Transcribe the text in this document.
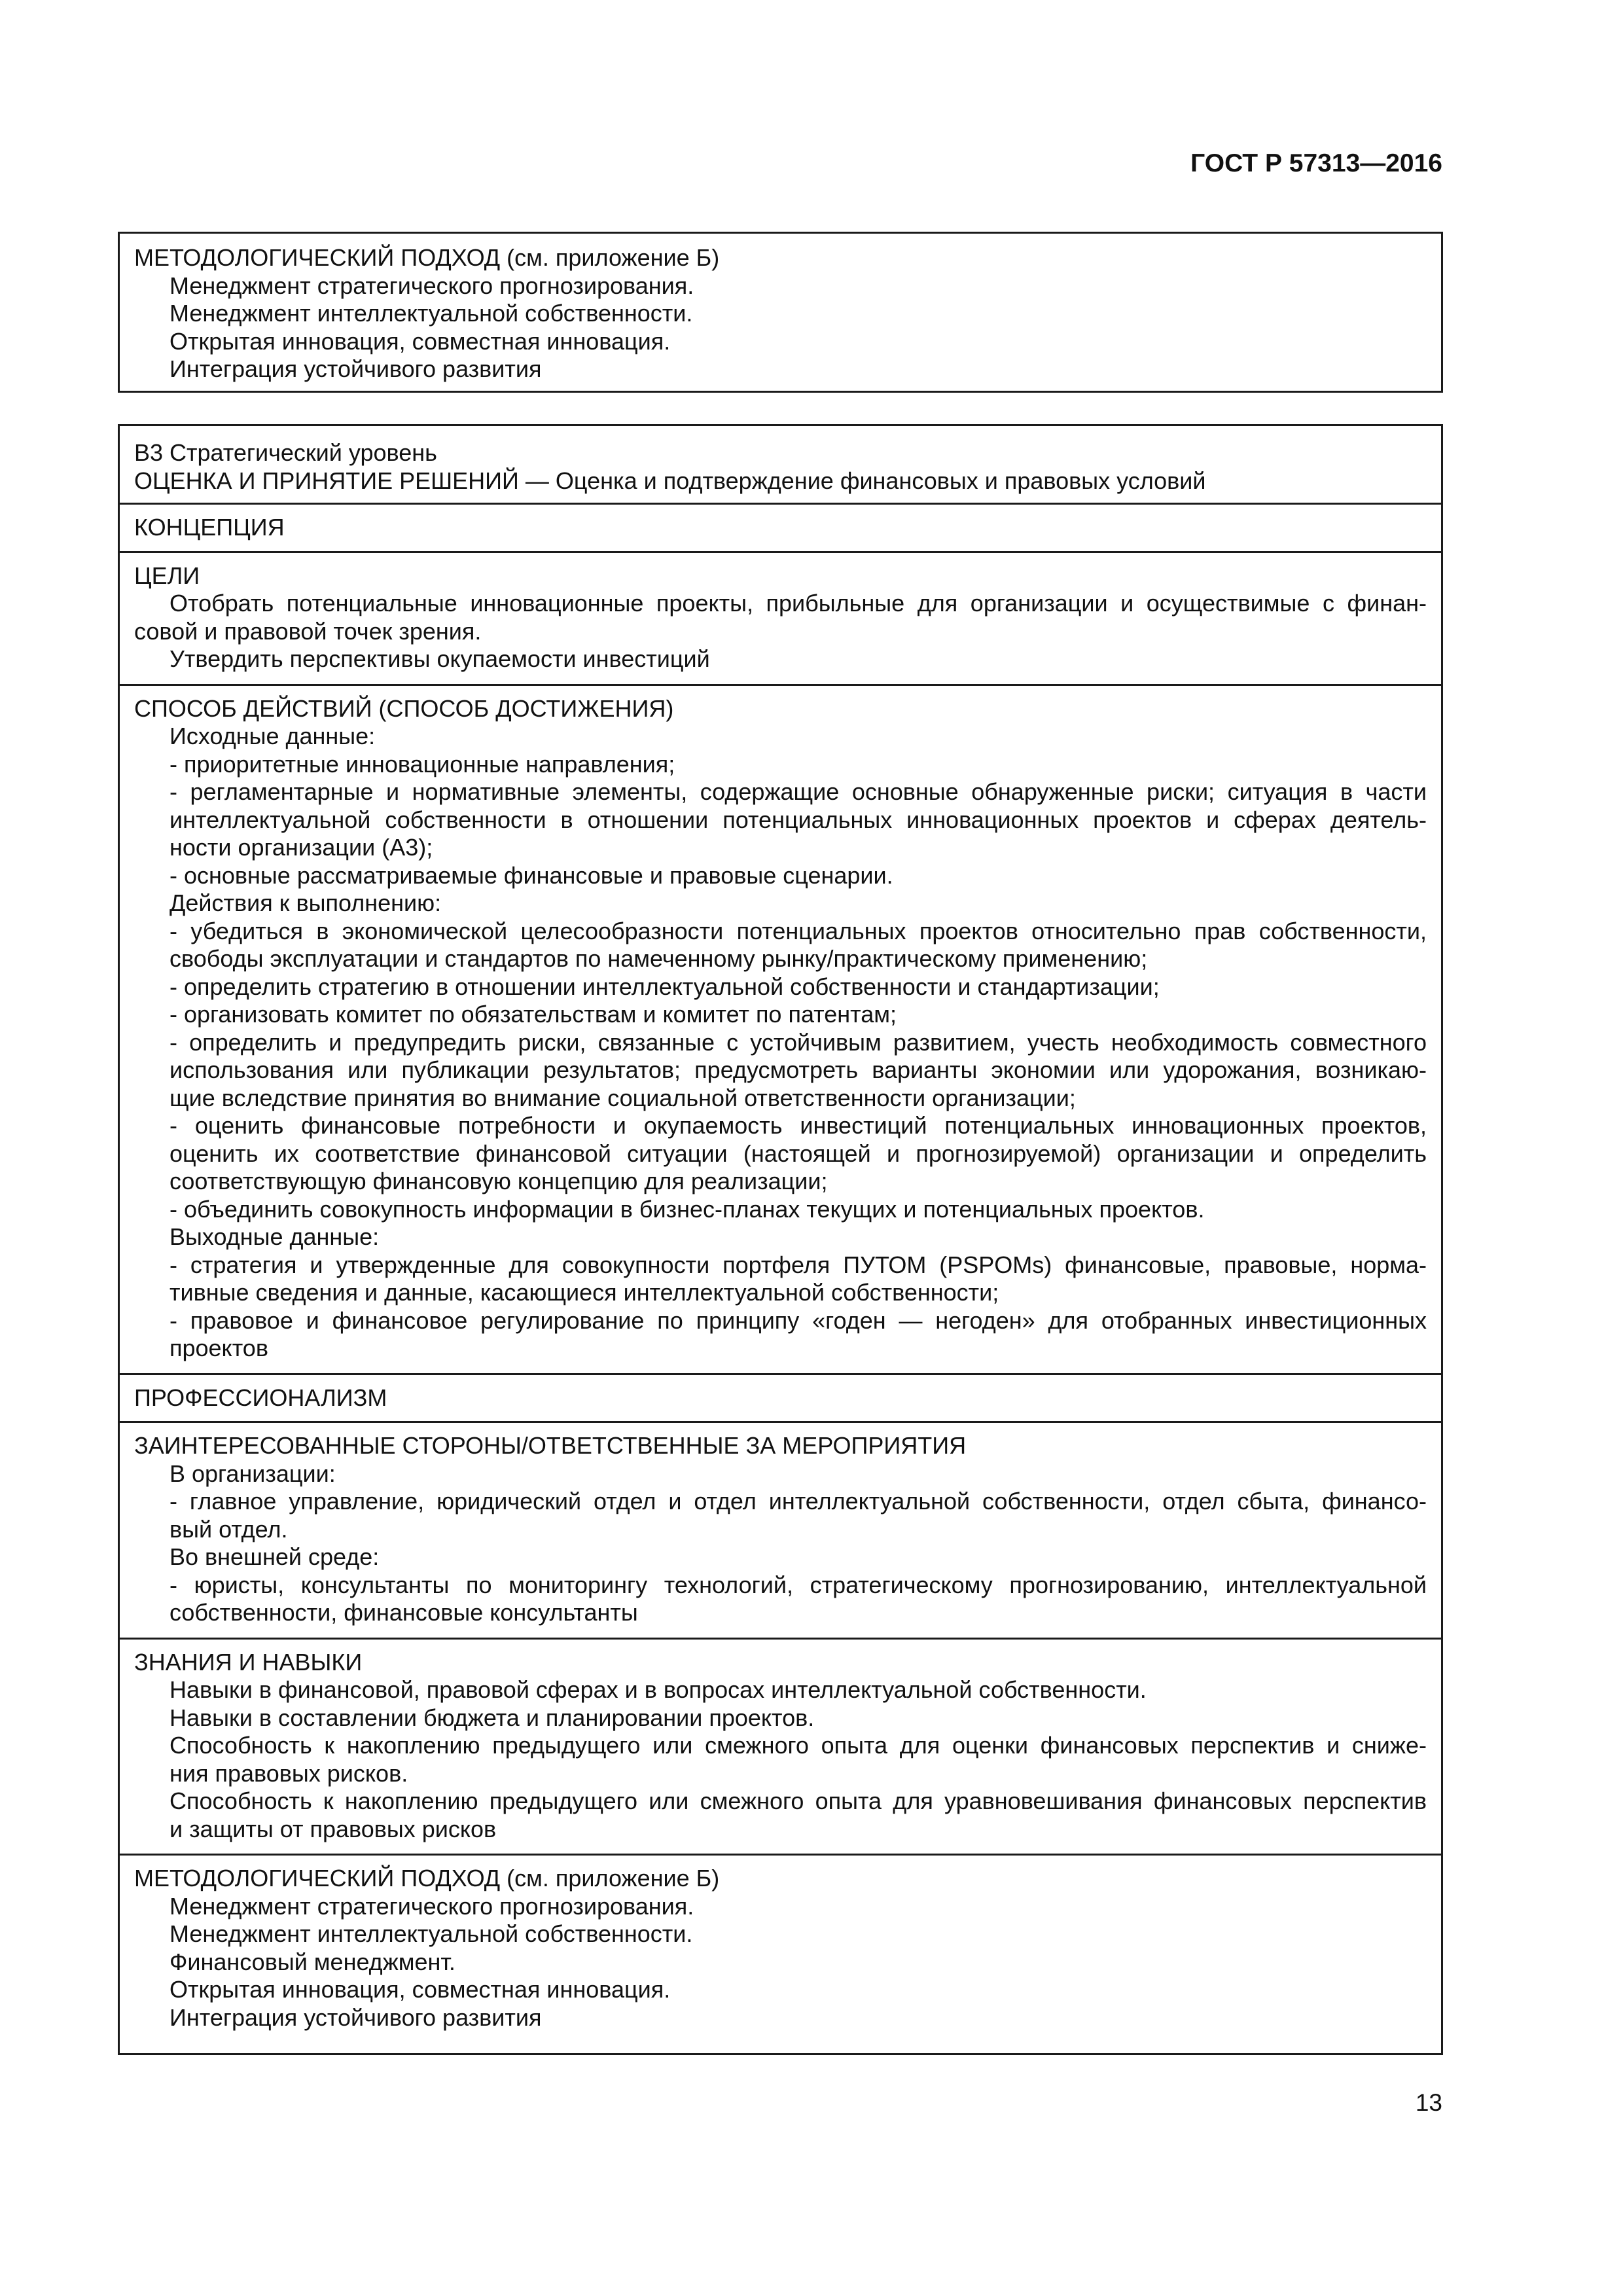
ГОСТ Р 57313—2016
МЕТОДОЛОГИЧЕСКИЙ ПОДХОД (см. приложение Б)
Менеджмент стратегического прогнозирования.
Менеджмент интеллектуальной собственности.
Открытая инновация, совместная инновация.
Интеграция устойчивого развития
В3 Стратегический уровень
ОЦЕНКА И ПРИНЯТИЕ РЕШЕНИЙ — Оценка и подтверждение финансовых и правовых условий
КОНЦЕПЦИЯ
ЦЕЛИ
Отобрать потенциальные инновационные проекты, прибыльные для организации и осуществимые с финан-
совой и правовой точек зрения.
Утвердить перспективы окупаемости инвестиций
СПОСОБ ДЕЙСТВИЙ (СПОСОБ ДОСТИЖЕНИЯ)
Исходные данные:
- приоритетные инновационные направления;
- регламентарные и нормативные элементы, содержащие основные обнаруженные риски; ситуация в части
интеллектуальной собственности в отношении потенциальных инновационных проектов и сферах деятель-
ности организации (А3);
- основные рассматриваемые финансовые и правовые сценарии.
Действия к выполнению:
- убедиться в экономической целесообразности потенциальных проектов относительно прав собственности,
свободы эксплуатации и стандартов по намеченному рынку/практическому применению;
- определить стратегию в отношении интеллектуальной собственности и стандартизации;
- организовать комитет по обязательствам и комитет по патентам;
- определить и предупредить риски, связанные с устойчивым развитием, учесть необходимость совместного
использования или публикации результатов; предусмотреть варианты экономии или удорожания, возникаю-
щие вследствие принятия во внимание социальной ответственности организации;
- оценить финансовые потребности и окупаемость инвестиций потенциальных инновационных проектов,
оценить их соответствие финансовой ситуации (настоящей и прогнозируемой) организации и определить
соответствующую финансовую концепцию для реализации;
- объединить совокупность информации в бизнес-планах текущих и потенциальных проектов.
Выходные данные:
- стратегия и утвержденные для совокупности портфеля ПУТОМ (PSPOMs) финансовые, правовые, норма-
тивные сведения и данные, касающиеся интеллектуальной собственности;
- правовое и финансовое регулирование по принципу «годен — негоден» для отобранных инвестиционных
проектов
ПРОФЕССИОНАЛИЗМ
ЗАИНТЕРЕСОВАННЫЕ СТОРОНЫ/ОТВЕТСТВЕННЫЕ ЗА МЕРОПРИЯТИЯ
В организации:
- главное управление, юридический отдел и отдел интеллектуальной собственности, отдел сбыта, финансо-
вый отдел.
Во внешней среде:
- юристы, консультанты по мониторингу технологий, стратегическому прогнозированию, интеллектуальной
собственности, финансовые консультанты
ЗНАНИЯ И НАВЫКИ
Навыки в финансовой, правовой сферах и в вопросах интеллектуальной собственности.
Навыки в составлении бюджета и планировании проектов.
Способность к накоплению предыдущего или смежного опыта для оценки финансовых перспектив и сниже-
ния правовых рисков.
Способность к накоплению предыдущего или смежного опыта для уравновешивания финансовых перспектив
и защиты от правовых рисков
МЕТОДОЛОГИЧЕСКИЙ ПОДХОД (см. приложение Б)
Менеджмент стратегического прогнозирования.
Менеджмент интеллектуальной собственности.
Финансовый менеджмент.
Открытая инновация, совместная инновация.
Интеграция устойчивого развития
13
